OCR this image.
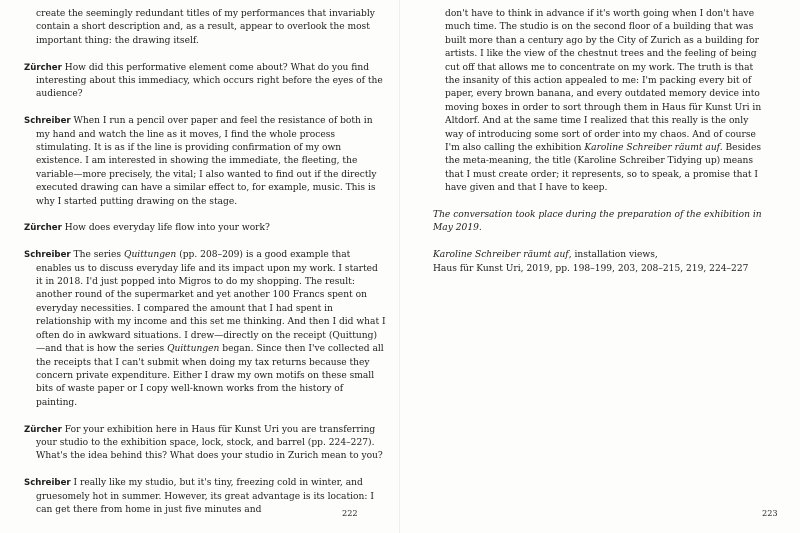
create the seemingly redundant titles of my performances that invariably contain a short description and, as a result, appear to overlook the most important thing: the drawing itself.

Zürcher How did this performative element come about? What do you find interesting about this immediacy, which occurs right before the eyes of the audience?

Schreiber When I run a pencil over paper and feel the resistance of both in my hand and watch the line as it moves, I find the whole process stimulating. It is as if the line is providing confirmation of my own existence. I am interested in showing the immediate, the fleeting, the variable—more precisely, the vital; I also wanted to find out if the directly executed drawing can have a similar effect to, for example, music. This is why I started putting drawing on the stage.

Zürcher How does everyday life flow into your work?

Schreiber The series Quittungen (pp. 208–209) is a good example that enables us to discuss everyday life and its impact upon my work. I started it in 2018. I'd just popped into Migros to do my shopping. The result: another round of the supermarket and yet another 100 Francs spent on everyday necessities. I compared the amount that I had spent in relationship with my income and this set me thinking. And then I did what I often do in awkward situations. I drew—directly on the receipt (Quittung)—and that is how the series Quittungen began. Since then I've collected all the receipts that I can't submit when doing my tax returns because they concern private expenditure. Either I draw my own motifs on these small bits of waste paper or I copy well-known works from the history of painting.

Zürcher For your exhibition here in Haus für Kunst Uri you are transferring your studio to the exhibition space, lock, stock, and barrel (pp. 224–227). What's the idea behind this? What does your studio in Zurich mean to you?

Schreiber I really like my studio, but it's tiny, freezing cold in winter, and gruesomely hot in summer. However, its great advantage is its location: I can get there from home in just five minutes and	222

don't have to think in advance if it's worth going when I don't have much time. The studio is on the second floor of a building that was built more than a century ago by the City of Zurich as a building for artists. I like the view of the chestnut trees and the feeling of being cut off that allows me to concentrate on my work. The truth is that the insanity of this action appealed to me: I'm packing every bit of paper, every brown banana, and every outdated memory device into moving boxes in order to sort through them in Haus für Kunst Uri in Altdorf. And at the same time I realized that this really is the only way of introducing some sort of order into my chaos. And of course I'm also calling the exhibition Karoline Schreiber räumt auf. Besides the meta-meaning, the title (Karoline Schreiber Tidying up) means that I must create order; it represents, so to speak, a promise that I have given and that I have to keep.

The conversation took place during the preparation of the exhibition in May 2019.

Karoline Schreiber räumt auf, installation views,
Haus für Kunst Uri, 2019, pp. 198–199, 203, 208–215, 219, 224–227

223
